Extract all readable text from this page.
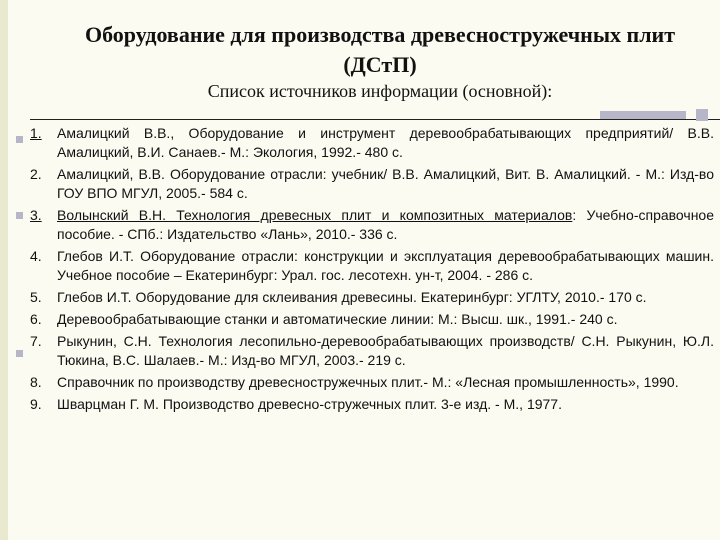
Оборудование для производства древесностружечных плит (ДСтП)
Список источников информации (основной):
1. Амалицкий В.В., Оборудование и инструмент деревообрабатывающих предприятий/ В.В. Амалицкий, В.И. Санаев.- М.: Экология, 1992.- 480 с.
2. Амалицкий, В.В. Оборудование отрасли: учебник/ В.В. Амалицкий, Вит. В. Амалицкий. - М.: Изд-во ГОУ ВПО МГУЛ, 2005.- 584 с.
3. Волынский В.Н. Технология древесных плит и композитных материалов: Учебно-справочное пособие. - СПб.: Издательство «Лань», 2010.- 336 с.
4. Глебов И.Т. Оборудование отрасли: конструкции и эксплуатация деревообрабатывающих машин. Учебное пособие – Екатеринбург: Урал. гос. лесотехн. ун-т, 2004. - 286 с.
5. Глебов И.Т. Оборудование для склеивания древесины. Екатеринбург: УГЛТУ, 2010.- 170 с.
6. Деревообрабатывающие станки и автоматические линии: М.: Высш. шк., 1991.- 240 с.
7. Рыкунин, С.Н. Технология лесопильно-деревообрабатывающих производств/ С.Н. Рыкунин, Ю.Л. Тюкина, В.С. Шалаев.- М.: Изд-во МГУЛ, 2003.- 219 с.
8. Справочник по производству древесностружечных плит.- М.: «Лесная промышленность», 1990.
9. Шварцман Г. М. Производство древесно-стружечных плит. 3-е изд. - М., 1977.
